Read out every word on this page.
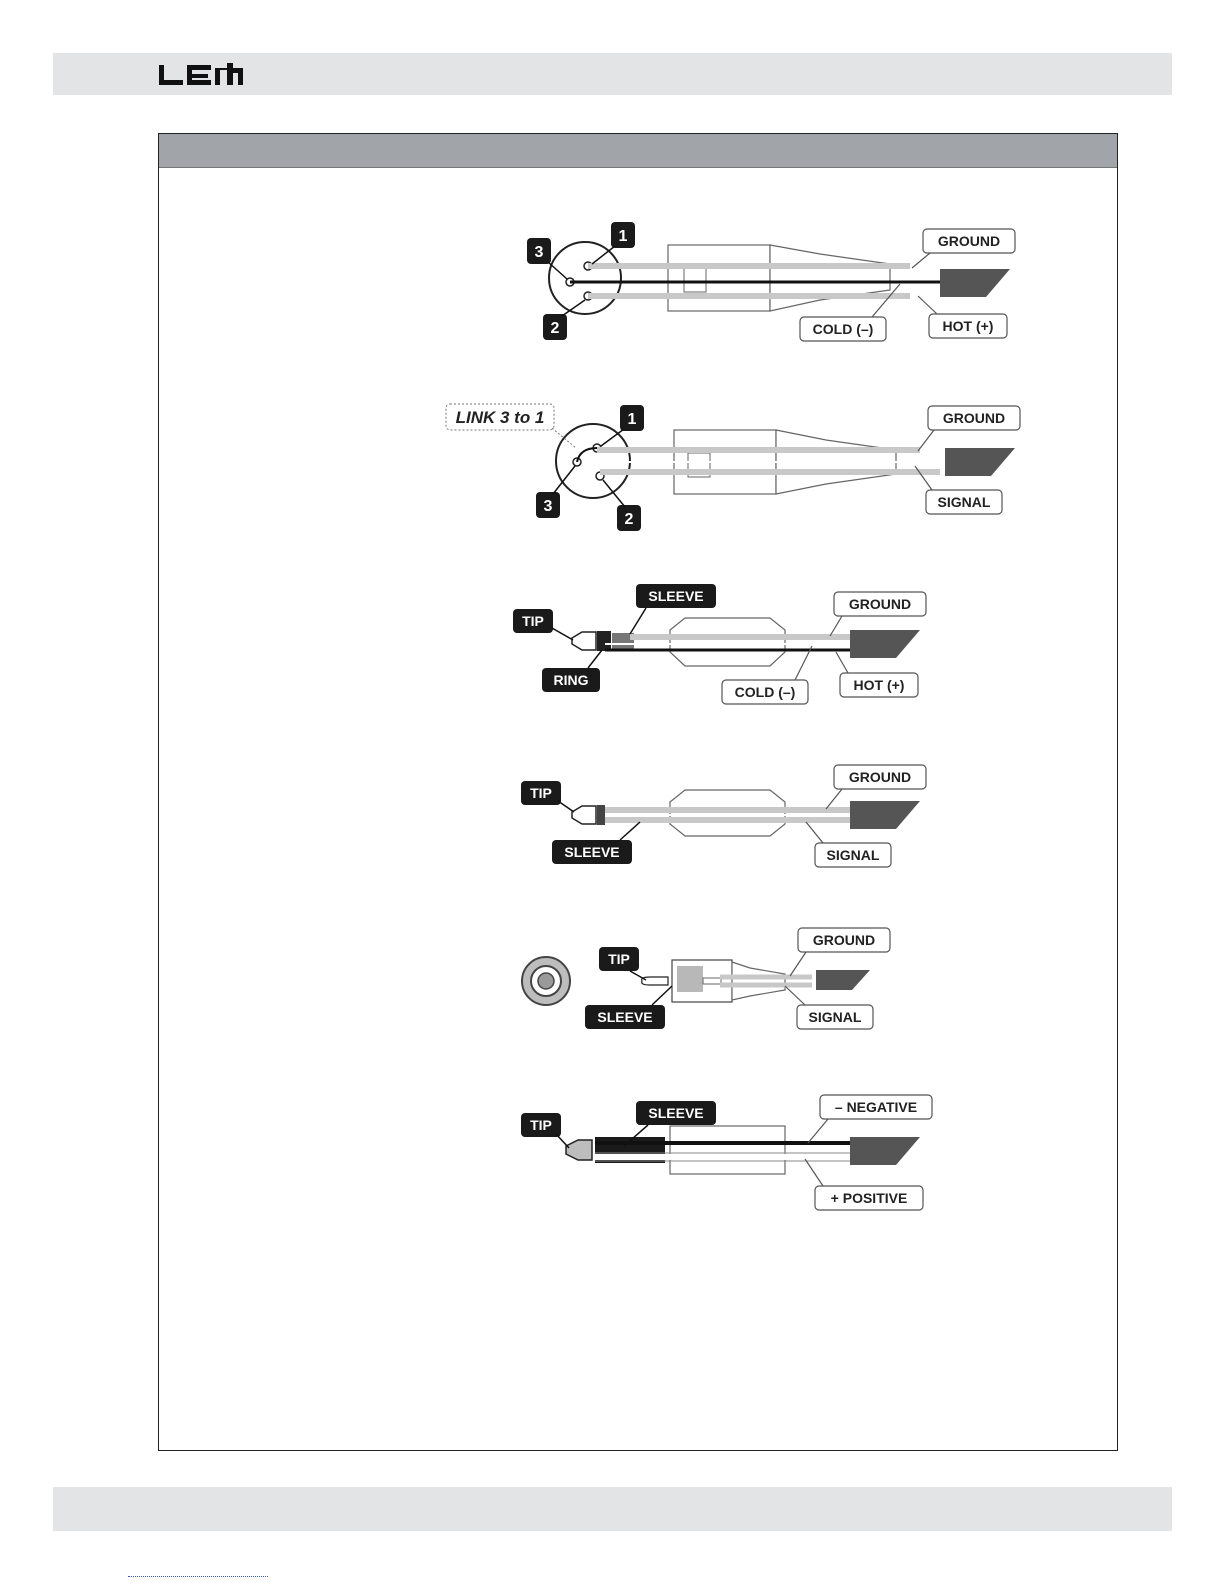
1
3
2
GROUND
COLD (–)	HOT (+)
LINK 3 to 1	1
3
2
GROUND
SIGNAL
SLEEVE
TIP
RING
GROUND
COLD (–)	HOT (+)
TIP
SLEEVE
GROUND
SIGNAL
TIP
SLEEVE
GROUND
SIGNAL
SLEEVE
TIP
– NEGATIVE
+ POSITIVE
